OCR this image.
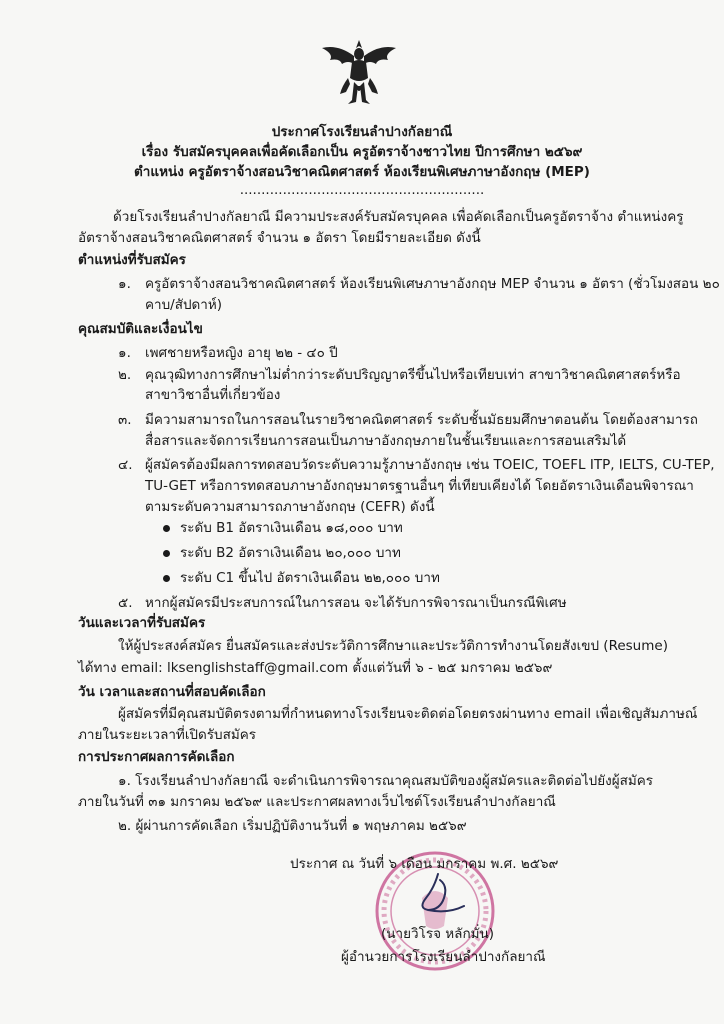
ประกาศโรงเรียนลำปางกัลยาณี
เรื่อง รับสมัครบุคคลเพื่อคัดเลือกเป็น ครูอัตราจ้างชาวไทย ปีการศึกษา ๒๕๖๙
ตำแหน่ง ครูอัตราจ้างสอนวิชาคณิตศาสตร์ ห้องเรียนพิเศษภาษาอังกฤษ (MEP)
.........................................................
ด้วยโรงเรียนลำปางกัลยาณี มีความประสงค์รับสมัครบุคคล เพื่อคัดเลือกเป็นครูอัตราจ้าง ตำแหน่งครู
อัตราจ้างสอนวิชาคณิตศาสตร์ จำนวน ๑ อัตรา โดยมีรายละเอียด ดังนี้
ตำแหน่งที่รับสมัคร
๑. ครูอัตราจ้างสอนวิชาคณิตศาสตร์ ห้องเรียนพิเศษภาษาอังกฤษ MEP จำนวน ๑ อัตรา (ชั่วโมงสอน ๒๐
คาบ/สัปดาห์)
คุณสมบัติและเงื่อนไข
๑. เพศชายหรือหญิง อายุ ๒๒ - ๔๐ ปี
๒. คุณวุฒิทางการศึกษาไม่ต่ำกว่าระดับปริญญาตรีขึ้นไปหรือเทียบเท่า สาขาวิชาคณิตศาสตร์หรือ
สาขาวิชาอื่นที่เกี่ยวข้อง
๓. มีความสามารถในการสอนในรายวิชาคณิตศาสตร์ ระดับชั้นมัธยมศึกษาตอนต้น โดยต้องสามารถ
สื่อสารและจัดการเรียนการสอนเป็นภาษาอังกฤษภายในชั้นเรียนและการสอนเสริมได้
๔. ผู้สมัครต้องมีผลการทดสอบวัดระดับความรู้ภาษาอังกฤษ เช่น TOEIC, TOEFL ITP, IELTS, CU-TEP,
TU-GET หรือการทดสอบภาษาอังกฤษมาตรฐานอื่นๆ ที่เทียบเคียงได้ โดยอัตราเงินเดือนพิจารณา
ตามระดับความสามารถภาษาอังกฤษ (CEFR) ดังนี้
ระดับ B1 อัตราเงินเดือน ๑๘,๐๐๐ บาท
ระดับ B2 อัตราเงินเดือน ๒๐,๐๐๐ บาท
ระดับ C1 ขึ้นไป อัตราเงินเดือน ๒๒,๐๐๐ บาท
๕. หากผู้สมัครมีประสบการณ์ในการสอน จะได้รับการพิจารณาเป็นกรณีพิเศษ
วันและเวลาที่รับสมัคร
ให้ผู้ประสงค์สมัคร ยื่นสมัครและส่งประวัติการศึกษาและประวัติการทำงานโดยสังเขป (Resume)
ได้ทาง email: lksenglishstaff@gmail.com ตั้งแต่วันที่ ๖ - ๒๕ มกราคม ๒๕๖๙
วัน เวลาและสถานที่สอบคัดเลือก
ผู้สมัครที่มีคุณสมบัติตรงตามที่กำหนดทางโรงเรียนจะติดต่อโดยตรงผ่านทาง email เพื่อเชิญสัมภาษณ์
ภายในระยะเวลาที่เปิดรับสมัคร
การประกาศผลการคัดเลือก
๑. โรงเรียนลำปางกัลยาณี จะดำเนินการพิจารณาคุณสมบัติของผู้สมัครและติดต่อไปยังผู้สมัคร
ภายในวันที่ ๓๑ มกราคม ๒๕๖๙ และประกาศผลทางเว็บไซต์โรงเรียนลำปางกัลยาณี
๒. ผู้ผ่านการคัดเลือก เริ่มปฏิบัติงานวันที่ ๑ พฤษภาคม ๒๕๖๙
ประกาศ ณ วันที่ ๖ เดือน มกราคม พ.ศ. ๒๕๖๙
(นายวิโรจ หลักมั่น)
ผู้อำนวยการโรงเรียนลำปางกัลยาณี
